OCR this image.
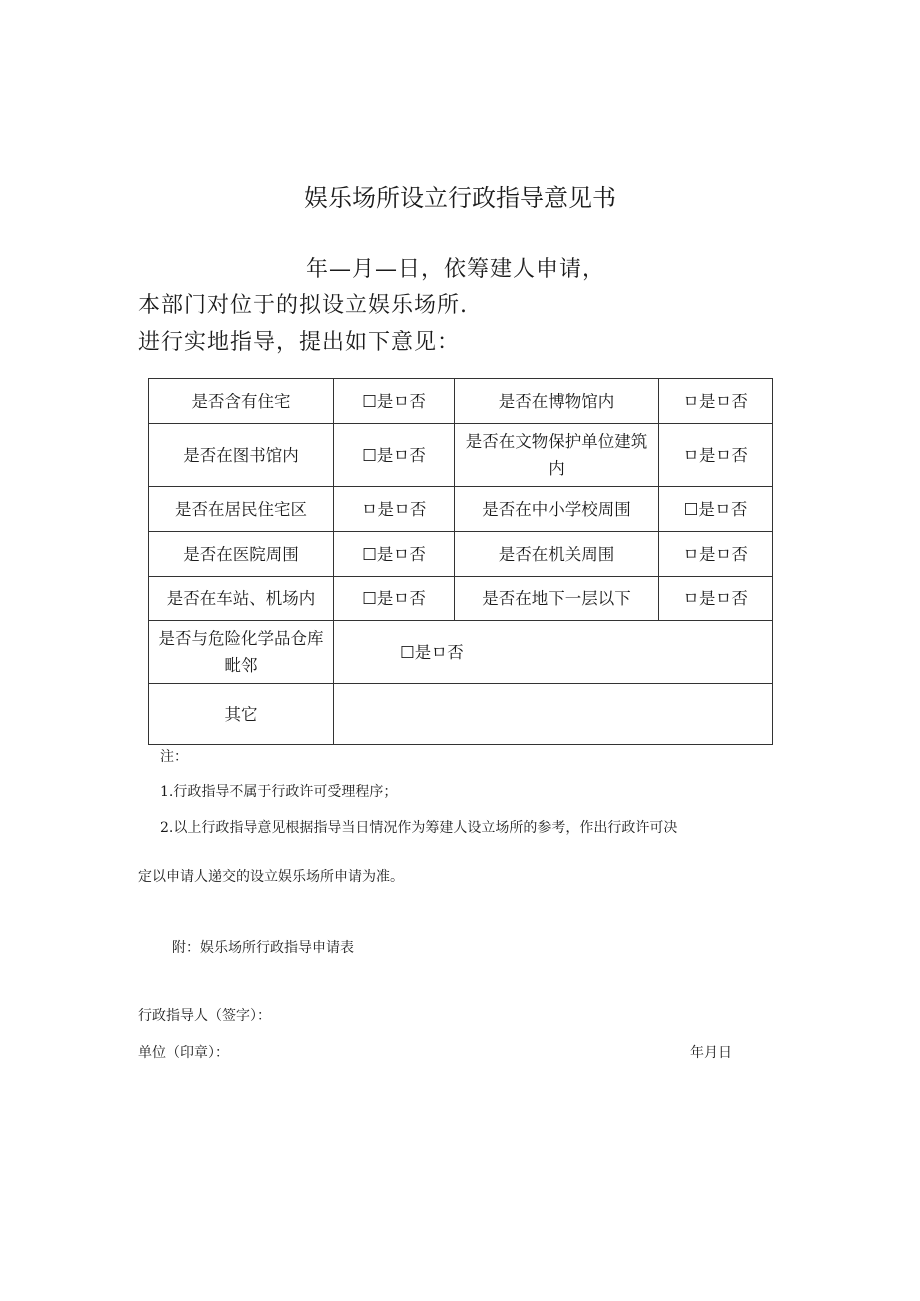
娱乐场所设立行政指导意见书
年—月—日，依筹建人申请，
本部门对位于的拟设立娱乐场所.
进行实地指导，提出如下意见：
是否含有住宅	☐是ㅁ否	是否在博物馆内	ㅁ是ㅁ否
是否在图书馆内	☐是ㅁ否	是否在文物保护单位建筑内	ㅁ是ㅁ否
是否在居民住宅区	ㅁ是ㅁ否	是否在中小学校周围	☐是ㅁ否
是否在医院周围	☐是ㅁ否	是否在机关周围	ㅁ是ㅁ否
是否在车站、机场内	☐是ㅁ否	是否在地下一层以下	ㅁ是ㅁ否
是否与危险化学品仓库毗邻	☐是ㅁ否		
其它			
注：
1.行政指导不属于行政许可受理程序；
2.以上行政指导意见根据指导当日情况作为筹建人设立场所的参考，作出行政许可决
定以申请人递交的设立娱乐场所申请为准。
附：娱乐场所行政指导申请表
行政指导人（签字）：
单位（印章）：	年月日
